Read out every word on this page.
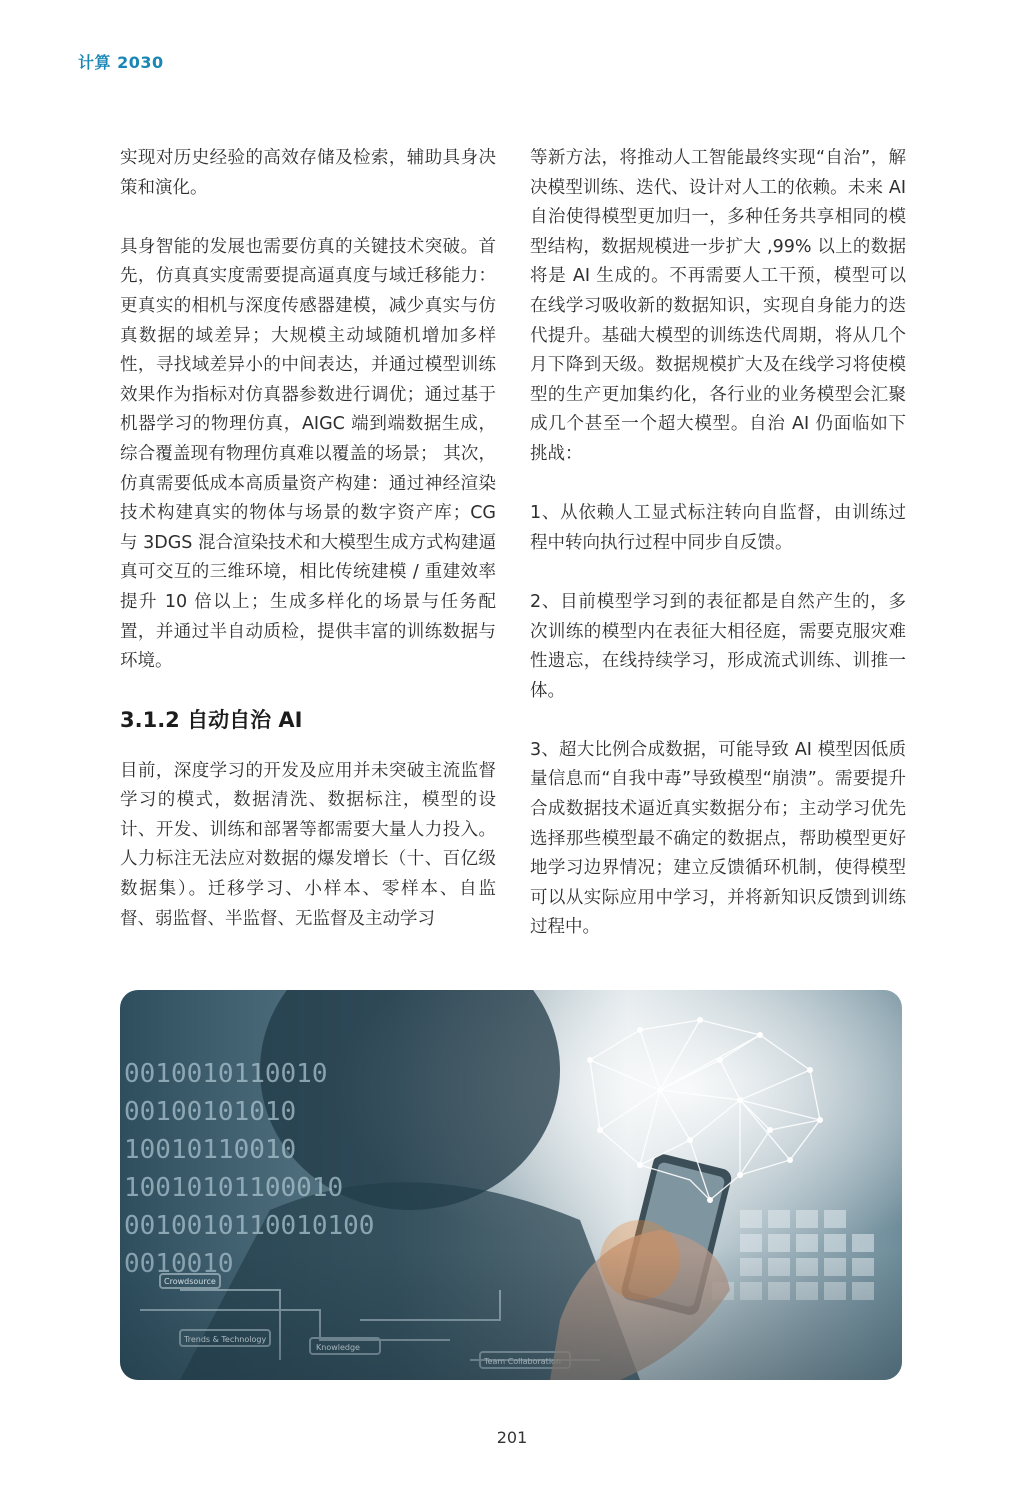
计算 2030

实现对历史经验的高效存储及检索，辅助具身决策和演化。

具身智能的发展也需要仿真的关键技术突破。首先，仿真真实度需要提高逼真度与域迁移能力：更真实的相机与深度传感器建模，减少真实与仿真数据的域差异；大规模主动域随机增加多样性，寻找域差异小的中间表达，并通过模型训练效果作为指标对仿真器参数进行调优；通过基于机器学习的物理仿真，AIGC 端到端数据生成，综合覆盖现有物理仿真难以覆盖的场景； 其次，仿真需要低成本高质量资产构建：通过神经渲染技术构建真实的物体与场景的数字资产库；CG 与 3DGS 混合渲染技术和大模型生成方式构建逼真可交互的三维环境，相比传统建模 / 重建效率提升 10 倍以上；生成多样化的场景与任务配置，并通过半自动质检，提供丰富的训练数据与环境。

3.1.2 自动自治 AI

目前，深度学习的开发及应用并未突破主流监督学习的模式，数据清洗、数据标注，模型的设计、开发、训练和部署等都需要大量人力投入。人力标注无法应对数据的爆发增长（十、百亿级数据集）。迁移学习、小样本、零样本、自监督、弱监督、半监督、无监督及主动学习

等新方法，将推动人工智能最终实现“自治”，解决模型训练、迭代、设计对人工的依赖。未来 AI 自治使得模型更加归一，多种任务共享相同的模型结构，数据规模进一步扩大 ,99% 以上的数据将是 AI 生成的。不再需要人工干预，模型可以在线学习吸收新的数据知识，实现自身能力的迭代提升。基础大模型的训练迭代周期，将从几个月下降到天级。数据规模扩大及在线学习将使模型的生产更加集约化，各行业的业务模型会汇聚成几个甚至一个超大模型。自治 AI 仍面临如下挑战：

1、从依赖人工显式标注转向自监督，由训练过程中转向执行过程中同步自反馈。

2、目前模型学习到的表征都是自然产生的，多次训练的模型内在表征大相径庭，需要克服灾难性遗忘，在线持续学习，形成流式训练、训推一体。

3、超大比例合成数据，可能导致 AI 模型因低质量信息而“自我中毒”导致模型“崩溃”。需要提升合成数据技术逼近真实数据分布；主动学习优先选择那些模型最不确定的数据点，帮助模型更好地学习边界情况；建立反馈循环机制，使得模型可以从实际应用中学习，并将新知识反馈到训练过程中。

0010010110010
00100101010
10010110010
10010101100010
0010010110010100
201
